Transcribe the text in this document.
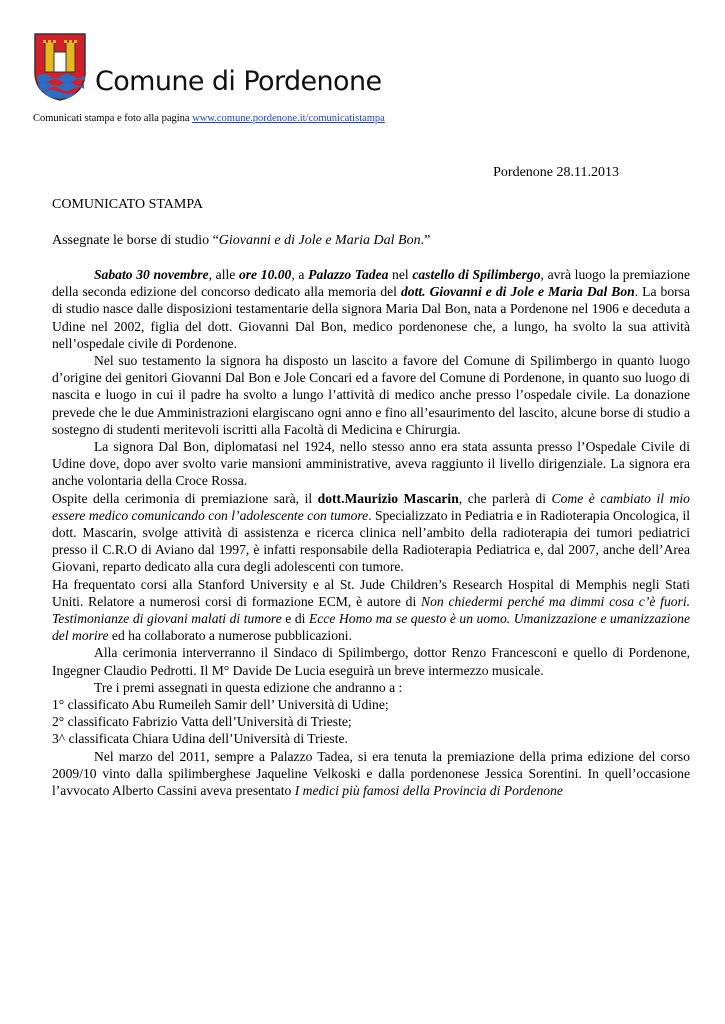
Comune di Pordenone
Comunicati stampa e foto alla pagina www.comune.pordenone.it/comunicatistampa
Pordenone 28.11.2013
COMUNICATO STAMPA
Assegnate le borse di studio “Giovanni e di Jole e Maria Dal Bon.”

Sabato 30 novembre, alle ore 10.00, a Palazzo Tadea nel castello di Spilimbergo, avrà luogo la premiazione della seconda edizione del concorso dedicato alla memoria del dott. Giovanni e di Jole e Maria Dal Bon. La borsa di studio nasce dalle disposizioni testamentarie della signora Maria Dal Bon, nata a Pordenone nel 1906 e deceduta a Udine nel 2002, figlia del dott. Giovanni Dal Bon, medico pordenonese che, a lungo, ha svolto la sua attività nell’ospedale civile di Pordenone.

Nel suo testamento la signora ha disposto un lascito a favore del Comune di Spilimbergo in quanto luogo d’origine dei genitori Giovanni Dal Bon e Jole Concari ed a favore del Comune di Pordenone, in quanto suo luogo di nascita e luogo in cui il padre ha svolto a lungo l’attività di medico anche presso l’ospedale civile. La donazione prevede che le due Amministrazioni elargiscano ogni anno e fino all’esaurimento del lascito, alcune borse di studio a sostegno di studenti meritevoli iscritti alla Facoltà di Medicina e Chirurgia.

La signora Dal Bon, diplomatasi nel 1924, nello stesso anno era stata assunta presso l’Ospedale Civile di Udine dove, dopo aver svolto varie mansioni amministrative, aveva raggiunto il livello dirigenziale. La signora era anche volontaria della Croce Rossa.

Ospite della cerimonia di premiazione sarà, il dott.Maurizio Mascarin, che parlerà di Come è cambiato il mio essere medico comunicando con l’adolescente con tumore. Specializzato in Pediatria e in Radioterapia Oncologica, il dott. Mascarin, svolge attività di assistenza e ricerca clinica nell’ambito della radioterapia dei tumori pediatrici presso il C.R.O di Aviano dal 1997, è infatti responsabile della Radioterapia Pediatrica e, dal 2007, anche dell’Area Giovani, reparto dedicato alla cura degli adolescenti con tumore.

Ha frequentato corsi alla Stanford University e al St. Jude Children’s Research Hospital di Memphis negli Stati Uniti. Relatore a numerosi corsi di formazione ECM, è autore di Non chiedermi perché ma dimmi cosa c’è fuori. Testimonianze di giovani malati di tumore e di Ecce Homo ma se questo è un uomo. Umanizzazione e umanizzazione del morire ed ha collaborato a numerose pubblicazioni.

Alla cerimonia interverranno il Sindaco di Spilimbergo, dottor Renzo Francesconi e quello di Pordenone, Ingegner Claudio Pedrotti. Il M° Davide De Lucia eseguirà un breve intermezzo musicale.

Tre i premi assegnati in questa edizione che andranno a :

1° classificato Abu Rumeileh Samir dell’ Università di Udine;

2° classificato Fabrizio Vatta dell’Università di Trieste;

3^ classificata Chiara Udina dell’Università di Trieste.

Nel marzo del 2011, sempre a Palazzo Tadea, si era tenuta la premiazione della prima edizione del corso 2009/10 vinto dalla spilimberghese Jaqueline Velkoski e dalla pordenonese Jessica Sorentini. In quell’occasione l’avvocato Alberto Cassini aveva presentato I medici più famosi della Provincia di Pordenone
